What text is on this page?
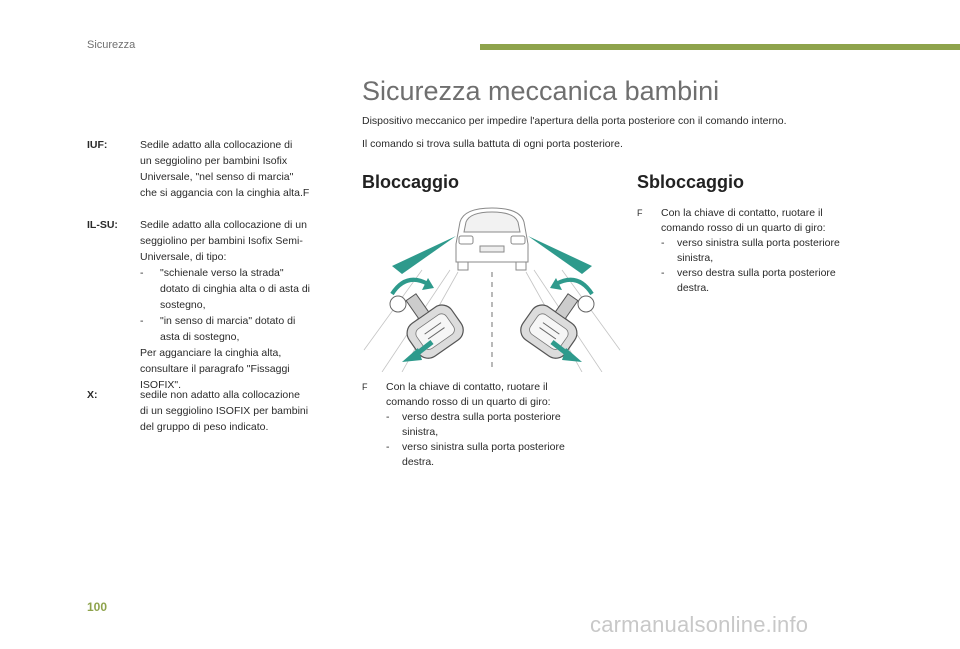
Sicurezza
Sicurezza meccanica bambini
Dispositivo meccanico per impedire l'apertura della porta posteriore con il comando interno.
Il comando si trova sulla battuta di ogni porta posteriore.
IUF:	Sedile adatto alla collocazione di
un seggiolino per bambini Isofix
Universale, "nel senso di marcia"
che si aggancia con la cinghia alta.F
IL-SU: Sedile adatto alla collocazione di un
seggiolino per bambini Isofix Semi-
Universale, di tipo:
- "schienale verso la strada"
dotato di cinghia alta o di asta di
sostegno,
- "in senso di marcia" dotato di
asta di sostegno,
Per agganciare la cinghia alta,
consultare il paragrafo "Fissaggi
ISOFIX".
X:	sedile non adatto alla collocazione
di un seggiolino ISOFIX per bambini
del gruppo di peso indicato.
Bloccaggio	Sbloccaggio
F Con la chiave di contatto, ruotare il
comando rosso di un quarto di giro:
- verso destra sulla porta posteriore
sinistra,
- verso sinistra sulla porta posteriore
destra.
F Con la chiave di contatto, ruotare il
comando rosso di un quarto di giro:
- verso sinistra sulla porta posteriore
sinistra,
- verso destra sulla porta posteriore
destra.
100
carmanualsonline.info
